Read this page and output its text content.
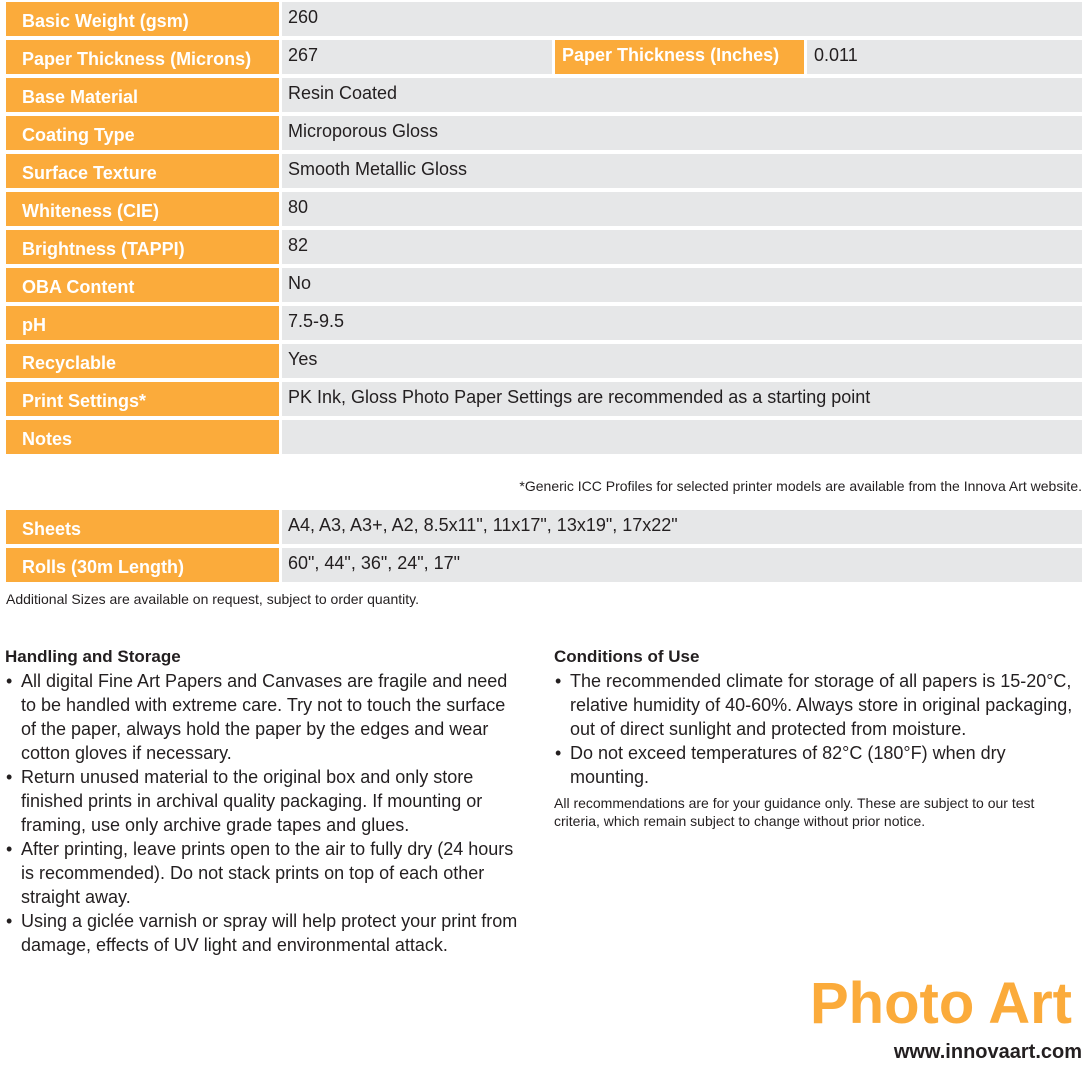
Basic Weight (gsm)	260
Paper Thickness (Microns)	267	Paper Thickness (Inches)	0.011
Base Material	Resin Coated
Coating Type	Microporous Gloss
Surface Texture	Smooth Metallic Gloss
Whiteness (CIE)	80
Brightness (TAPPI)	82
OBA Content	No
pH	7.5-9.5
Recyclable	Yes
Print Settings*	PK Ink, Gloss Photo Paper Settings are recommended as a starting point
Notes
*Generic ICC Profiles for selected printer models are available from the Innova Art website.
Sheets	A4, A3, A3+, A2, 8.5x11", 11x17", 13x19", 17x22"
Rolls (30m Length)	60", 44", 36", 24", 17"
Additional Sizes are available on request, subject to order quantity.
Handling and Storage
• All digital Fine Art Papers and Canvases are fragile and need to be handled with extreme care. Try not to touch the surface of the paper, always hold the paper by the edges and wear cotton gloves if necessary.
• Return unused material to the original box and only store finished prints in archival quality packaging. If mounting or framing, use only archive grade tapes and glues.
• After printing, leave prints open to the air to fully dry (24 hours is recommended). Do not stack prints on top of each other straight away.
• Using a giclée varnish or spray will help protect your print from damage, effects of UV light and environmental attack.
Conditions of Use
• The recommended climate for storage of all papers is 15-20°C, relative humidity of 40-60%. Always store in original packaging, out of direct sunlight and protected from moisture.
• Do not exceed temperatures of 82°C (180°F) when dry mounting.
All recommendations are for your guidance only. These are subject to our test criteria, which remain subject to change without prior notice.
Photo Art
www.innovaart.com
